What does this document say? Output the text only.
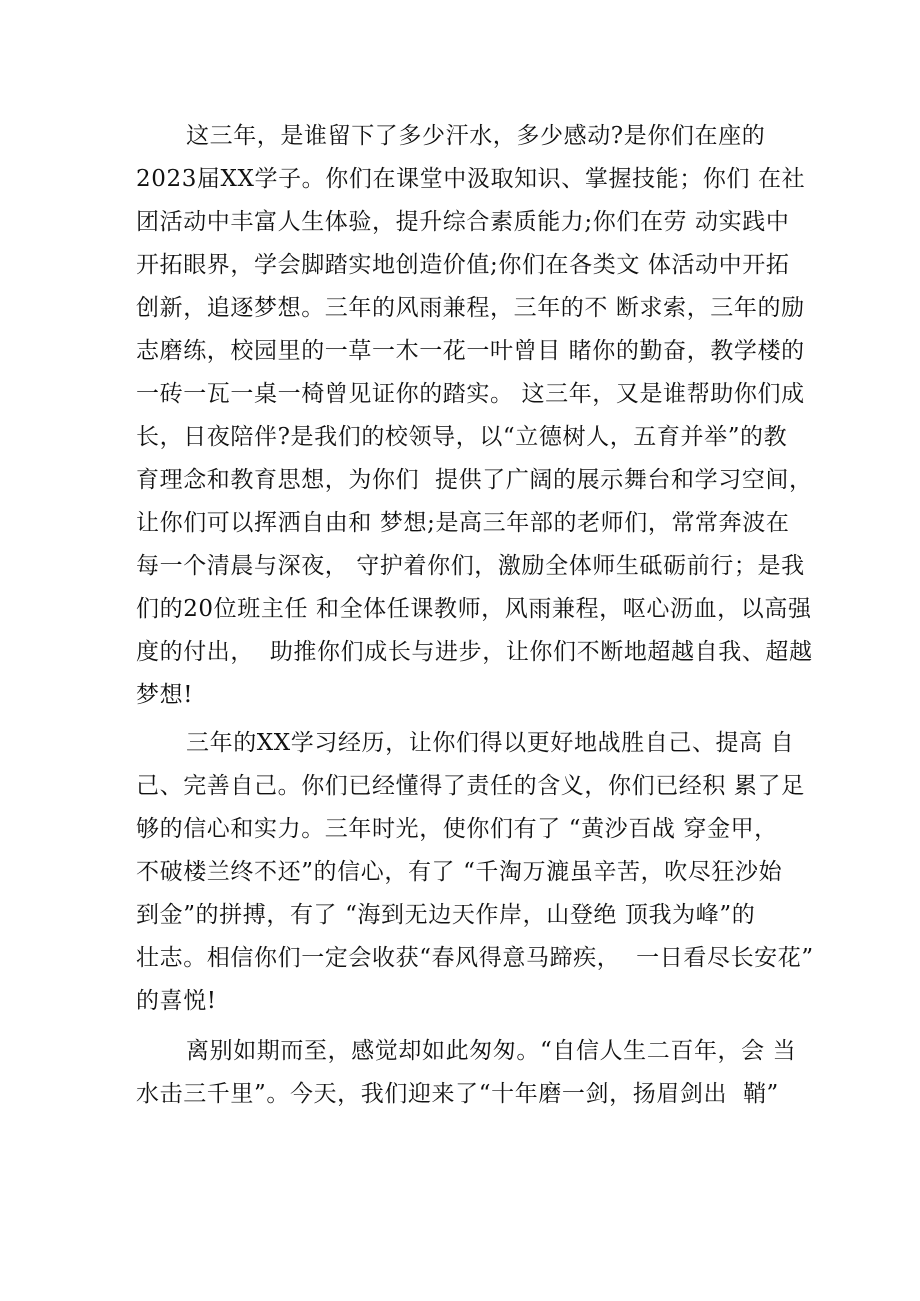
这三年，是谁留下了多少汗水，多少感动?是你们在座的
2023届XX学子。你们在课堂中汲取知识、掌握技能；你们 在社
团活动中丰富人生体验，提升综合素质能力;你们在劳 动实践中
开拓眼界，学会脚踏实地创造价值;你们在各类文 体活动中开拓
创新，追逐梦想。三年的风雨兼程，三年的不 断求索，三年的励
志磨练，校园里的一草一木一花一叶曾目 睹你的勤奋，教学楼的
一砖一瓦一桌一椅曾见证你的踏实。 这三年，又是谁帮助你们成
长，日夜陪伴?是我们的校领导，以“立德树人，五育并举”的教
育理念和教育思想，为你们  提供了广阔的展示舞台和学习空间，
让你们可以挥洒自由和 梦想;是高三年部的老师们，常常奔波在
每一个清晨与深夜， 守护着你们，激励全体师生砥砺前行；是我
们的20位班主任 和全体任课教师，风雨兼程，呕心沥血，以高强
度的付出，  助推你们成长与进步，让你们不断地超越自我、超越
梦想!
三年的XX学习经历，让你们得以更好地战胜自己、提高 自
己、完善自己。你们已经懂得了责任的含义，你们已经积 累了足
够的信心和实力。三年时光，使你们有了 “黄沙百战 穿金甲，
不破楼兰终不还”的信心，有了 “千淘万漉虽辛苦，吹尽狂沙始
到金”的拼搏，有了 “海到无边天作岸，山登绝 顶我为峰”的
壮志。相信你们一定会收获“春风得意马蹄疾，  一日看尽长安花”
的喜悦!
离别如期而至，感觉却如此匆匆。“自信人生二百年，会 当
水击三千里”。今天，我们迎来了“十年磨一剑，扬眉剑出  鞘”
